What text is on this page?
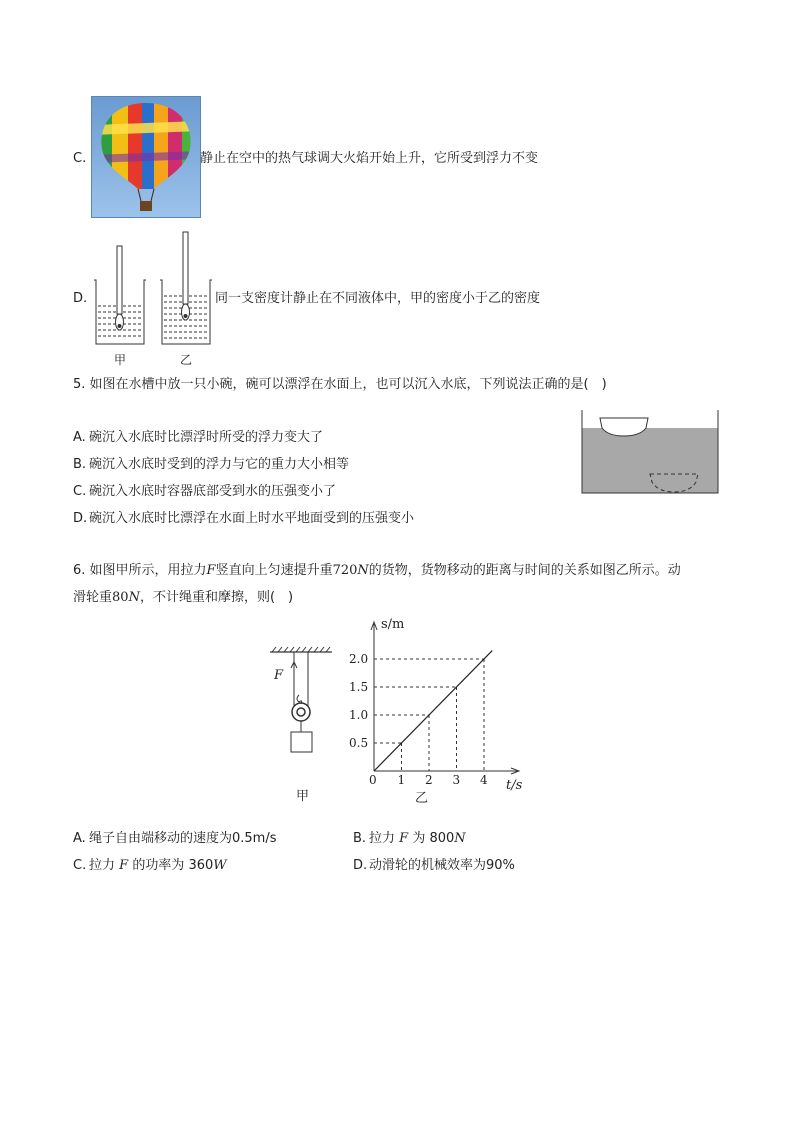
C.	静止在空中的热气球调大火焰开始上升，它所受到浮力不变
D.
甲	乙
同一支密度计静止在不同液体中，甲的密度小于乙的密度
5. 如图在水槽中放一只小碗，碗可以漂浮在水面上，也可以沉入水底，下列说法正确的是(　)
A. 碗沉入水底时比漂浮时所受的浮力变大了
B. 碗沉入水底时受到的浮力与它的重力大小相等
C. 碗沉入水底时容器底部受到水的压强变小了
D. 碗沉入水底时比漂浮在水面上时水平地面受到的压强变小
6. 如图甲所示，用拉力F竖直向上匀速提升重720N的货物，货物移动的距离与时间的关系如图乙所示。动
滑轮重80N，不计绳重和摩擦，则(　)
F
甲
0 1 2 3 4
0.5
1.0
1.5
2.0
s/m
t/s
乙
A. 绳子自由端移动的速度为0.5m/s	B. 拉力 F 为 800N
C. 拉力 F 的功率为 360W	D. 动滑轮的机械效率为90%
